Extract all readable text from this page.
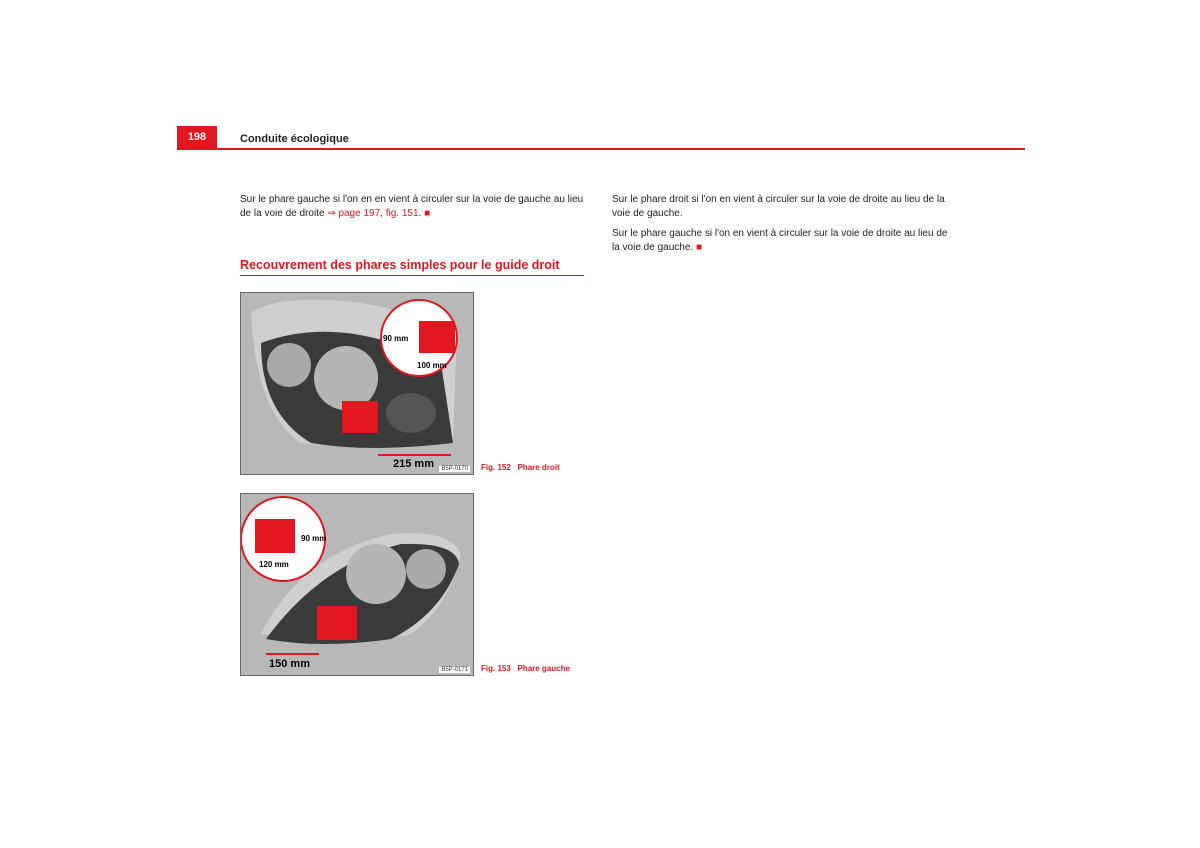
198	Conduite écologique
Sur le phare gauche si l'on en en vient à circuler sur la voie de gauche au lieu
de la voie de droite ⇒ page 197, fig. 151. ■
Recouvrement des phares simples pour le guide droit
Sur le phare droit si l'on en vient à circuler sur la voie de droite au lieu de la
voie de gauche.
Sur le phare gauche si l'on en vient à circuler sur la voie de droite au lieu de
la voie de gauche. ■
90 mm
100 mm
215 mm	B5P-0170 Fig. 152 Phare droit
90 mm
120 mm
150 mm	B5P-0171 Fig. 153 Phare gauche
